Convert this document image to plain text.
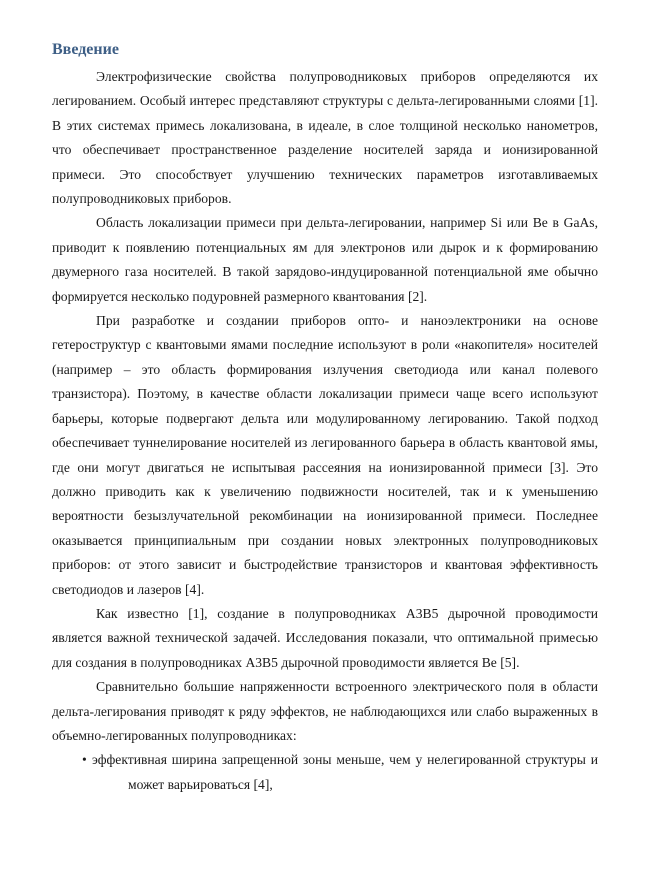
Введение

Электрофизические свойства полупроводниковых приборов определяются их легированием. Особый интерес представляют структуры с дельта-легированными слоями [1]. В этих системах примесь локализована, в идеале, в слое толщиной несколько нанометров, что обеспечивает пространственное разделение носителей заряда и ионизированной примеси. Это способствует улучшению технических параметров изготавливаемых полупроводниковых приборов.

Область локализации примеси при дельта-легировании, например Si или Be в GaAs, приводит к появлению потенциальных ям для электронов или дырок и к формированию двумерного газа носителей. В такой зарядово-индуцированной потенциальной яме обычно формируется несколько подуровней размерного квантования [2].

При разработке и создании приборов опто- и наноэлектроники на основе гетероструктур с квантовыми ямами последние используют в роли «накопителя» носителей (например – это область формирования излучения светодиода или канал полевого транзистора). Поэтому, в качестве области локализации примеси чаще всего используют барьеры, которые подвергают дельта или модулированному легированию. Такой подход обеспечивает туннелирование носителей из легированного барьера в область квантовой ямы, где они могут двигаться не испытывая рассеяния на ионизированной примеси [3]. Это должно приводить как к увеличению подвижности носителей, так и к уменьшению вероятности безызлучательной рекомбинации на ионизированной примеси. Последнее оказывается принципиальным при создании новых электронных полупроводниковых приборов: от этого зависит и быстродействие транзисторов и квантовая эффективность светодиодов и лазеров [4].

Как известно [1], создание в полупроводниках A3B5 дырочной проводимости является важной технической задачей. Исследования показали, что оптимальной примесью для создания в полупроводниках A3B5 дырочной проводимости является Be [5].

Сравнительно большие напряженности встроенного электрического поля в области дельта-легирования приводят к ряду эффектов, не наблюдающихся или слабо выраженных в объемно-легированных полупроводниках:

• эффективная ширина запрещенной зоны меньше, чем у нелегированной структуры и может варьироваться [4],
